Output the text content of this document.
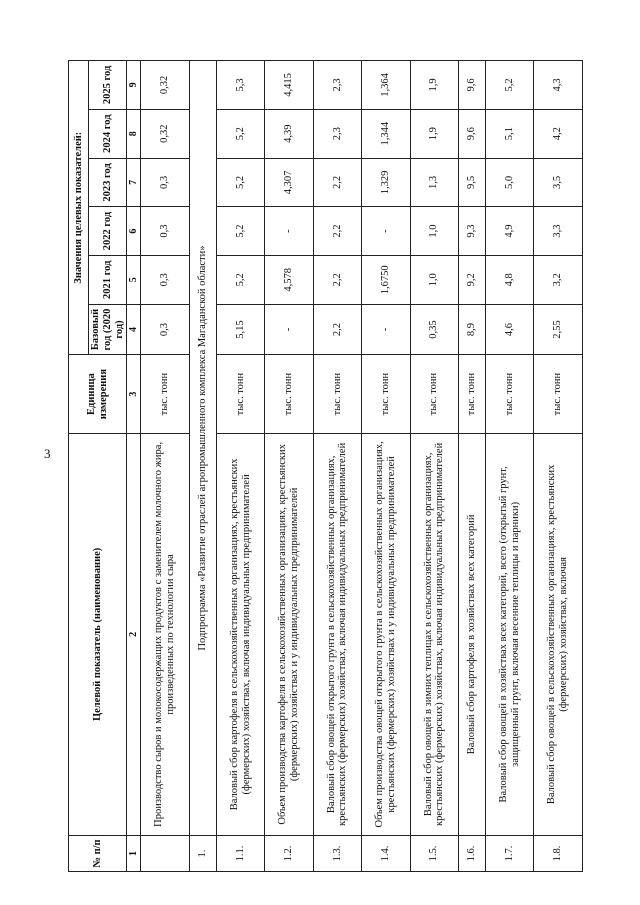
3
№ п/п	Целевой показатель (наименование)	Единица измерения	Значения целевых показателей:					
			Базовый год (2020 год)	2021 год	2022 год	2023 год	2024 год	2025 год
1	2	3	4	5	6	7	8	9
	Производство сыров и молокосодержащих продуктов с заменителем молочного жира, произведенных по технологии сыра	тыс. тонн	0,3	0,3	0,3	0,3	0,32	0,32
1.	Подпрограмма «Развитие отраслей агропромышленного комплекса Магаданской области»							
1.1.	Валовый сбор картофеля в сельскохозяйственных организациях, крестьянских (фермерских) хозяйствах, включая индивидуальных предпринимателей	тыс. тонн	5,15	5,2	5,2	5,2	5,2	5,3
1.2.	Объем производства картофеля в сельскохозяйственных организациях, крестьянских (фермерских) хозяйствах и у индивидуальных предпринимателей	тыс. тонн	-	4,578	-	4,307	4,39	4,415
1.3.	Валовый сбор овощей открытого грунта в сельскохозяйственных организациях, крестьянских (фермерских) хозяйствах, включая индивидуальных предпринимателей	тыс. тонн	2,2	2,2	2,2	2,2	2,3	2,3
1.4.	Объем производства овощей открытого грунта в сельскохозяйственных организациях, крестьянских (фермерских) хозяйствах и у индивидуальных предпринимателей	тыс. тонн	-	1,6750	-	1,329	1,344	1,364
1.5.	Валовый сбор овощей в зимних теплицах в сельскохозяйственных организациях, крестьянских (фермерских) хозяйствах, включая индивидуальных предпринимателей	тыс. тонн	0,35	1,0	1,0	1,3	1,9	1,9
1.6.	Валовый сбор картофеля в хозяйствах всех категорий	тыс. тонн	8,9	9,2	9,3	9,5	9,6	9,6
1.7.	Валовый сбор овощей в хозяйствах всех категорий, всего (открытый грунт, защищенный грунт, включая весенние теплицы и парники)	тыс. тонн	4,6	4,8	4,9	5,0	5,1	5,2
1.8.	Валовый сбор овощей в сельскохозяйственных организациях, крестьянских (фермерских) хозяйствах, включая	тыс. тонн	2,55	3,2	3,3	3,5	4,2	4,3
